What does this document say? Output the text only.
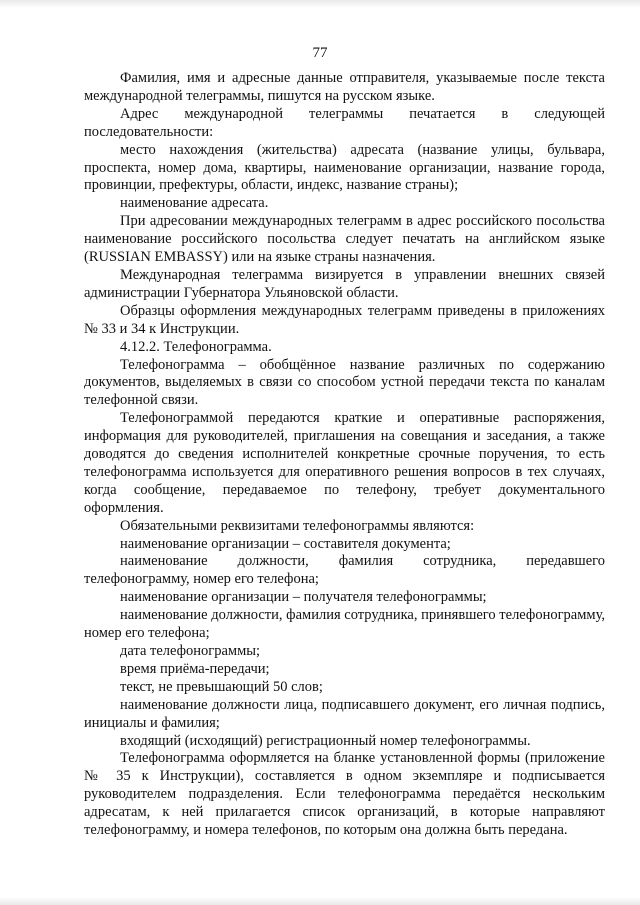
77

Фамилия, имя и адресные данные отправителя, указываемые после текста международной телеграммы, пишутся на русском языке.

Адрес международной телеграммы печатается в следующей последовательности:

место нахождения (жительства) адресата (название улицы, бульвара, проспекта, номер дома, квартиры, наименование организации, название города, провинции, префектуры, области, индекс, название страны);

наименование адресата.

При адресовании международных телеграмм в адрес российского посольства наименование российского посольства следует печатать на английском языке (RUSSIAN EMBASSY) или на языке страны назначения.

Международная телеграмма визируется в управлении внешних связей администрации Губернатора Ульяновской области.

Образцы оформления международных телеграмм приведены в приложениях № 33 и 34 к Инструкции.

4.12.2. Телефонограмма.

Телефонограмма – обобщённое название различных по содержанию документов, выделяемых в связи со способом устной передачи текста по каналам телефонной связи.

Телефонограммой передаются краткие и оперативные распоряжения, информация для руководителей, приглашения на совещания и заседания, а также доводятся до сведения исполнителей конкретные срочные поручения, то есть телефонограмма используется для оперативного решения вопросов в тех случаях, когда сообщение, передаваемое по телефону, требует документального оформления.

Обязательными реквизитами телефонограммы являются:

наименование организации – составителя документа;

наименование должности, фамилия сотрудника, передавшего телефонограмму, номер его телефона;

наименование организации – получателя телефонограммы;

наименование должности, фамилия сотрудника, принявшего телефонограмму, номер его телефона;

дата телефонограммы;

время приёма-передачи;

текст, не превышающий 50 слов;

наименование должности лица, подписавшего документ, его личная подпись, инициалы и фамилия;

входящий (исходящий) регистрационный номер телефонограммы.

Телефонограмма оформляется на бланке установленной формы (приложение № 35 к Инструкции), составляется в одном экземпляре и подписывается руководителем подразделения. Если телефонограмма передаётся нескольким адресатам, к ней прилагается список организаций, в которые направляют телефонограмму, и номера телефонов, по которым она должна быть передана.
